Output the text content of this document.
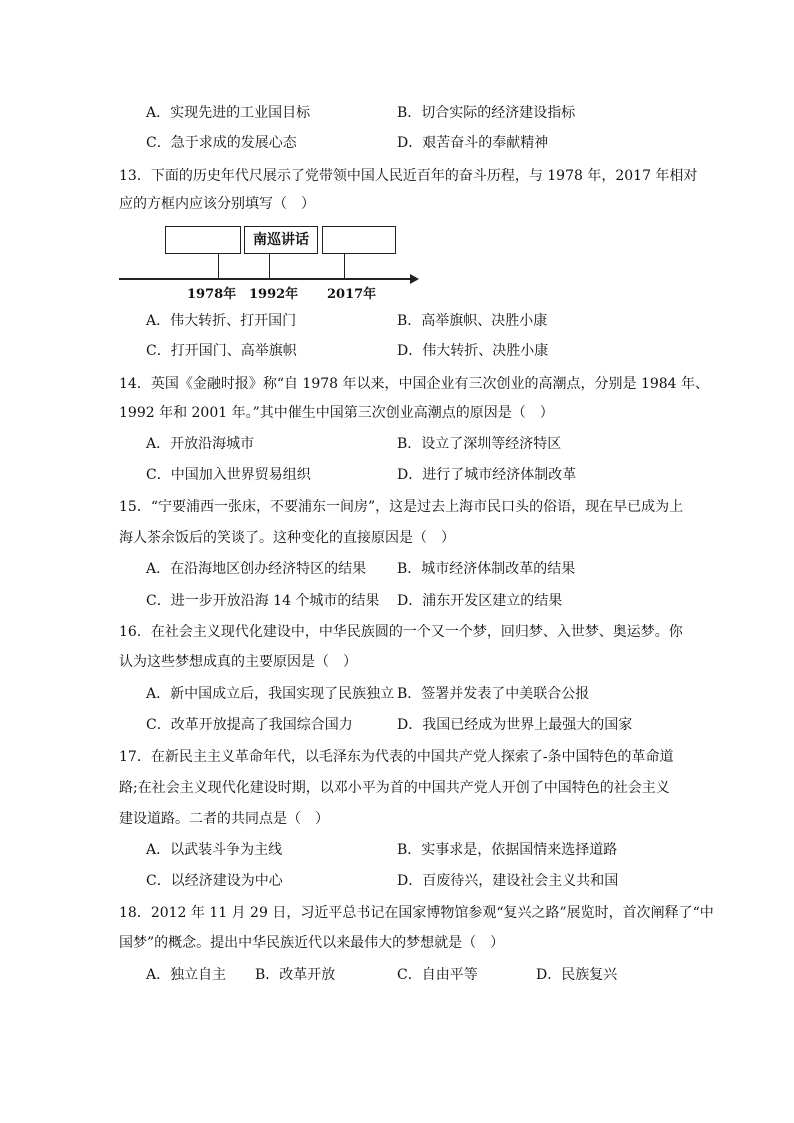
A．实现先进的工业国目标	B．切合实际的经济建设指标
C．急于求成的发展心态	D．艰苦奋斗的奉献精神
13．下面的历史年代尺展示了党带领中国人民近百年的奋斗历程，与 1978 年，2017 年相对
应的方框内应该分别填写（　）
南巡讲话
1978年 1992年 2017年
A．伟大转折、打开国门	B．高举旗帜、决胜小康
C．打开国门、高举旗帜	D．伟大转折、决胜小康
14．英国《金融时报》称“自 1978 年以来，中国企业有三次创业的高潮点，分别是 1984 年、
1992 年和 2001 年。”其中催生中国第三次创业高潮点的原因是（　）
A．开放沿海城市	B．设立了深圳等经济特区
C．中国加入世界贸易组织	D．进行了城市经济体制改革
15．“宁要浦西一张床，不要浦东一间房”，这是过去上海市民口头的俗语，现在早已成为上
海人茶余饭后的笑谈了。这种变化的直接原因是（　）
A．在沿海地区创办经济特区的结果 B．城市经济体制改革的结果
C．进一步开放沿海 14 个城市的结果 D．浦东开发区建立的结果
16．在社会主义现代化建设中，中华民族圆的一个又一个梦，回归梦、入世梦、奥运梦。你
认为这些梦想成真的主要原因是（　）
A．新中国成立后，我国实现了民族独立 B．签署并发表了中美联合公报
C．改革开放提高了我国综合国力	D．我国已经成为世界上最强大的国家
17．在新民主主义革命年代，以毛泽东为代表的中国共产党人探索了-条中国特色的革命道
路;在社会主义现代化建设时期，以邓小平为首的中国共产党人开创了中国特色的社会主义
建设道路。二者的共同点是（　）
A．以武装斗争为主线	B．实事求是，依据国情来选择道路
C．以经济建设为中心	D．百废待兴，建设社会主义共和国
18．2012 年 11 月 29 日，习近平总书记在国家博物馆参观“复兴之路”展览时，首次阐释了“中
国梦”的概念。提出中华民族近代以来最伟大的梦想就是（　）
A．独立自主 B．改革开放	C．自由平等	D．民族复兴
